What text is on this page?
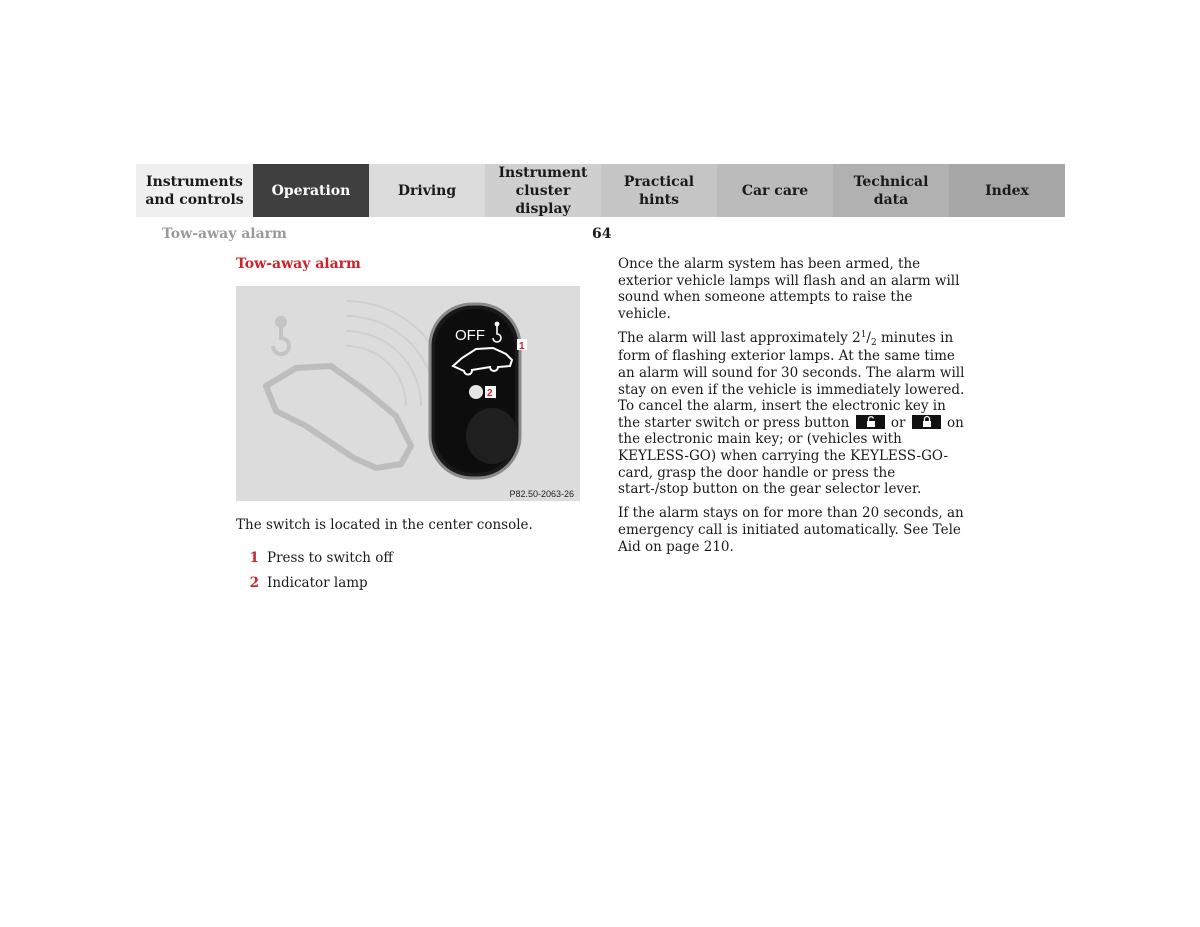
Instruments
and controls
Operation	Driving
Instrument
cluster display
Practical hints
Car care
Technical
data
Index
Tow-away alarm	64
Tow-away alarm
OFF
1
2
P82.50-2063-26
The switch is located in the center console.
1 Press to switch off
2 Indicator lamp

Once the alarm system has been armed, the exterior vehicle lamps will flash and an alarm will sound when someone attempts to raise the vehicle.

The alarm will last approximately $2^1/_2$ minutes in form of flashing exterior lamps. At the same time an alarm will sound for 30 seconds. The alarm will stay on even if the vehicle is immediately lowered. To cancel the alarm, insert the electronic key in the starter switch or press button
or
on the electronic main key; or (vehicles with KEYLESS-GO) when carrying the KEYLESS-GO-card, grasp the door handle or press the start-/stop button on the gear selector lever.

If the alarm stays on for more than 20 seconds, an emergency call is initiated automatically. See Tele Aid on page 210.
